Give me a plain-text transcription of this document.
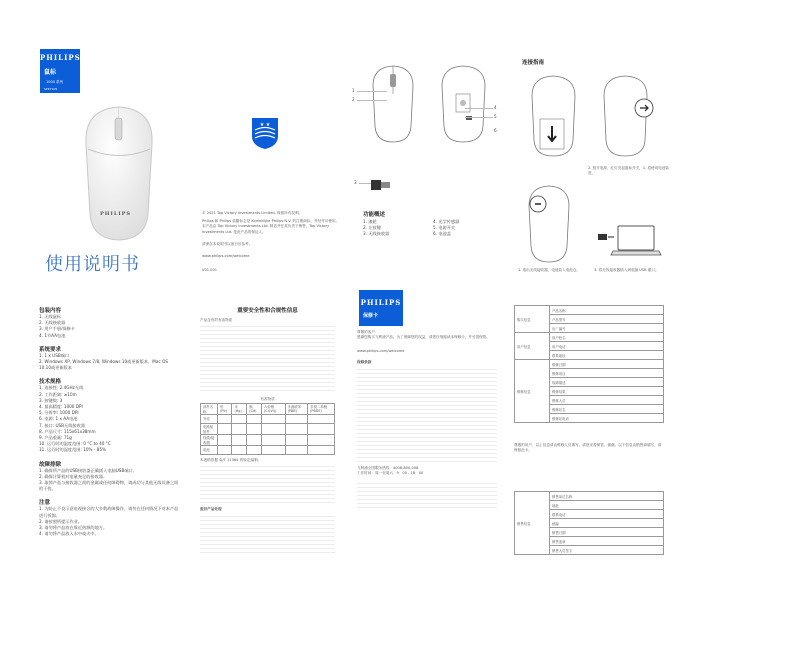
PHILIPS
鼠标
1000 系列
SPK7105
PHILIPS
使用说明书
★ ★
© 2021 Top Victory Investments Limited. 保留所有权利。
Philips 和 Philips 盾徽标志是 Koninklijke Philips N.V. 的注册商标，并经许可使用。本产品由 Top Victory Investments Ltd. 制造并在其负责下销售，Top Victory Investments Ltd. 是此产品的保证人。
请保存本说明书以备日后参考。
www.philips.com/welcome
V01.001
1
2
3
4
5
6
功能概述
1. 滚轮	4. 光学传感器
2. 左按键	5. 电源开关
3. 无线接收器	6. 电池盖
连接指南
2. 按开电源，红灯亮起鼠标开关，1. 将使用电池装进。
1. 取出无线接收器，电池装入电池仓。	3. 将无线接收器插入到电脑 USB 端口。
包装内容
1. 无线鼠标
2. 无线接收器
3. 用户手册/保修卡
4. 1节AA电池
系统要求
1. 1 x USB端口
2. Windows XP, Windows 7/8, Windows 10或更新版本，Mac OS 10.10或更新版本
技术规格
1. 连接性: 2.4GHz无线
2. 工作距离: ≥10m
3. 按键数: 3
4. 最高精度: 1000 DPI
5. 分辨率: 1000 DPI
6. 电源: 1 x AA电池
7. 接口: USB无线接收器
8. 产品尺寸: 115x61x38mm
9. 产品重量: 71g
10. 运行时的温度范围: 0 °C to 40 °C
11. 运行时的湿度范围: 10% - 85%
故障排除
1. 确保所产品的USB接收器正确插入电脑USB端口。
2. 确保计算机对电量充足的接收器。
3. 取掉产品与接收器之间的金属或任何障碍物，请成功与其他无线设备之间的干扰。
注意
1. 为防止不良示意电视接合的大多数故障操作，请勿在任何情况下对本产品进行拆卸。
2. 请按照所提示作业。
3. 请勿将产品放在靠近热源的地方。
4. 请勿将产品放入水中或火中。
重要安全性和合规性信息
产品含有的有害物质
有害物质
部件名称	铅 (Pb)	汞 (Hg)	镉 (Cd)	六价铬 (Cr(VI))	多溴联苯 (PBB)	多溴二苯醚 (PBDE)
外壳						
电路板组件						
线缆/接收器						
电池						
本表格依据 SJ/T 11364 的规定编制。
废旧产品处理
PHILIPS
保修卡
尊敬的客户：
感谢您购买飞利浦产品。为了保障您的权益，请您仔细阅读本保修卡，并妥善保管。
www.philips.com/welcome
保修条款
飞利浦全国服务热线：4008-800-008
工作时间：周一至周六，9：00 - 18：00
购买信息	产品名称
	产品型号
	出厂编号
用户信息	用户姓名
	用户电话
	联系地址
维修信息	维修日期
	维修项目
	故障描述
	维修结果
	维修人员
	维修站名
	维修站电话
尊敬的用户，以上信息请由维修人员填写，请您妥善保管，谢谢。以下信息由销售商填写，请保留此卡。
销售信息	销售单位名称
地址
联系电话
邮编
销售日期
销售盖章
销售人员签字
